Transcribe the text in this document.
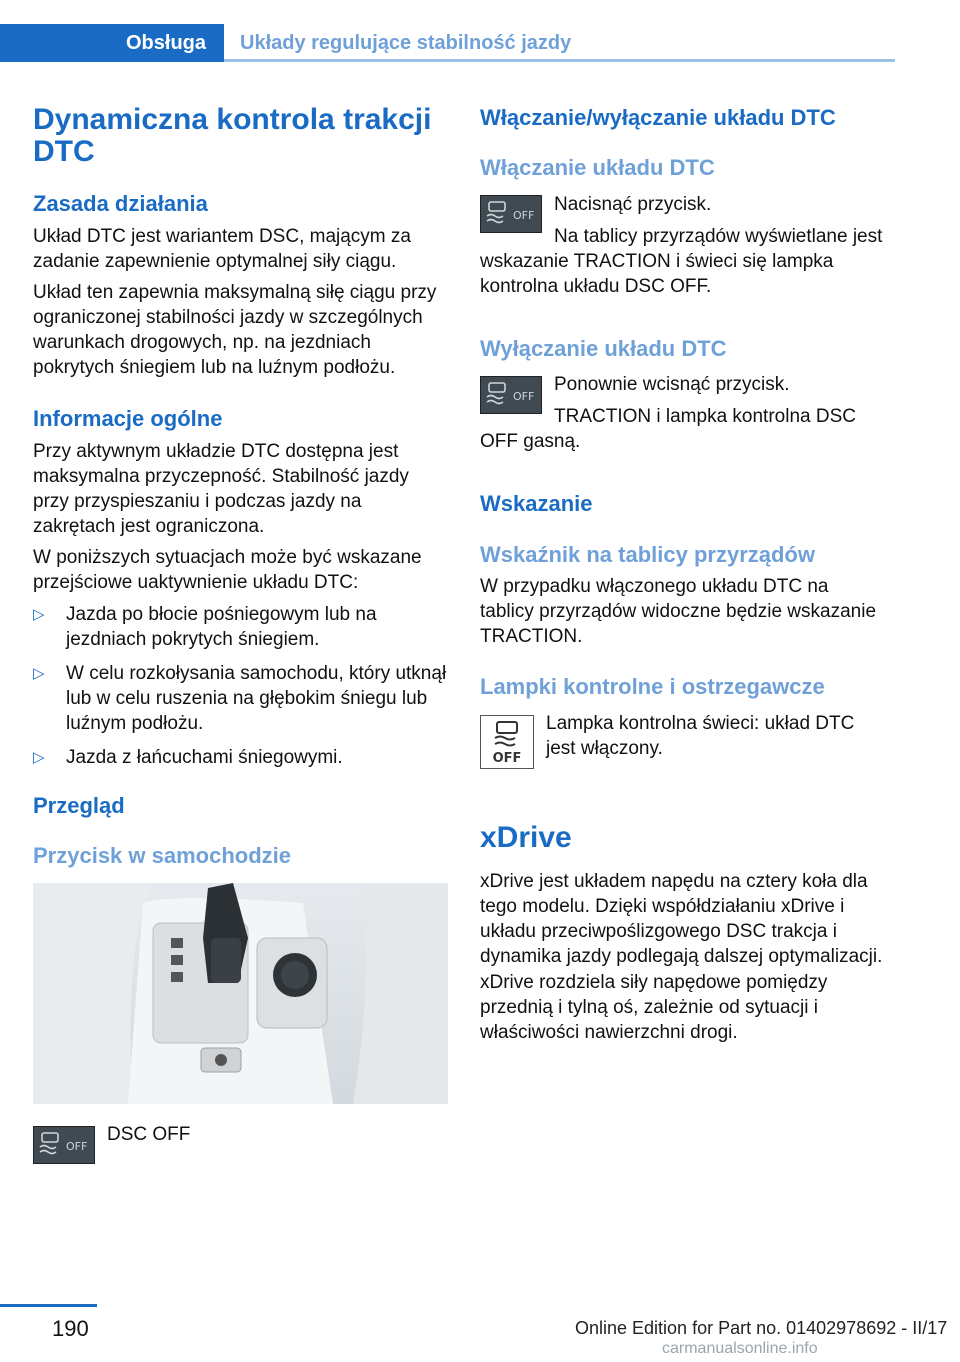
Obsługa Układy regulujące stabilność jazdy
Dynamiczna kontrola trakcji DTC
Zasada działania

Układ DTC jest wariantem DSC, mającym za zadanie zapewnienie optymalnej siły ciągu.

Układ ten zapewnia maksymalną siłę ciągu przy ograniczonej stabilności jazdy w szczególnych warunkach drogowych, np. na jezdniach pokrytych śniegiem lub na luźnym podłożu.

Informacje ogólne

Przy aktywnym układzie DTC dostępna jest maksymalna przyczepność. Stabilność jazdy przy przyspieszaniu i podczas jazdy na zakrętach jest ograniczona.

W poniższych sytuacjach może być wskazane przejściowe uaktywnienie układu DTC:

▷ Jazda po błocie pośniegowym lub na jezdniach pokrytych śniegiem.
▷ W celu rozkołysania samochodu, który utknął lub w celu ruszenia na głębokim śniegu lub luźnym podłożu.
▷ Jazda z łańcuchami śniegowymi.
Przegląd
Przycisk w samochodzie

DSC OFF

OFF
Włączanie/wyłączanie układu DTC
Włączanie układu DTC

Nacisnąć przycisk.

Na tablicy przyrządów wyświetlane jest wskazanie TRACTION i świeci się lampka kontrolna układu DSC OFF.

Wyłączanie układu DTC

Ponownie wcisnąć przycisk.

TRACTION i lampka kontrolna DSC OFF gasną.

Wskazanie
Wskaźnik na tablicy przyrządów

W przypadku włączonego układu DTC na tablicy przyrządów widoczne będzie wskazanie TRACTION.

Lampki kontrolne i ostrzegawcze

Lampka kontrolna świeci: układ DTC jest włączony.

xDrive

xDrive jest układem napędu na cztery koła dla tego modelu. Dzięki współdziałaniu xDrive i układu przeciwpoślizgowego DSC trakcja i dynamika jazdy podlegają dalszej optymalizacji.

xDrive rozdziela siły napędowe pomiędzy przednią i tylną oś, zależnie od sytuacji i właściwości nawierzchni drogi.

OFF
OFF
OFF
190	Online Edition for Part no. 01402978692 - II/17
carmanualsonline.info
